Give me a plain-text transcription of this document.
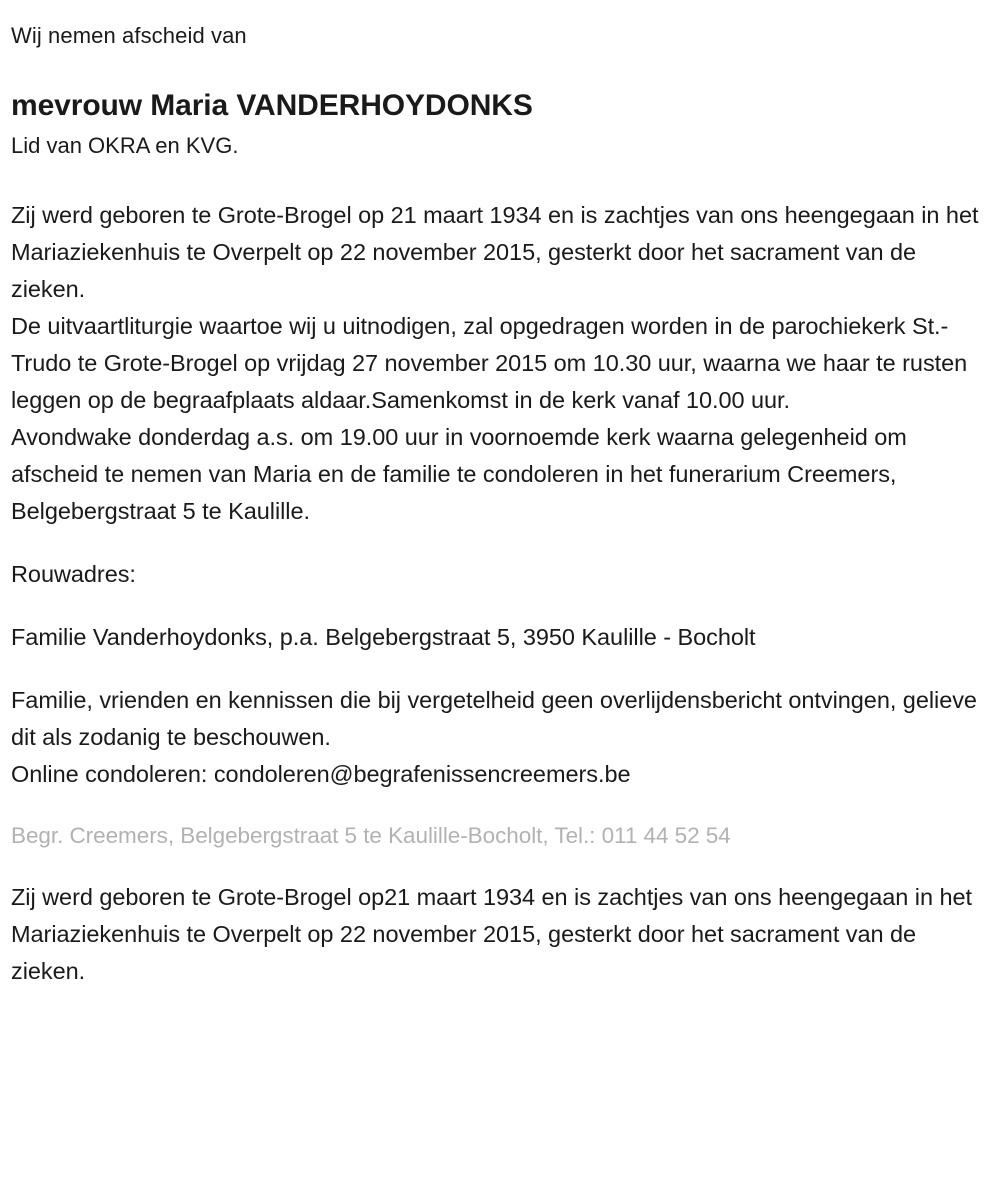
Wij nemen afscheid van

mevrouw Maria VANDERHOYDONKS

Lid van OKRA en KVG.

Zij werd geboren te Grote-Brogel op 21 maart 1934 en is zachtjes van ons heengegaan in het Mariaziekenhuis te Overpelt op 22 november 2015, gesterkt door het sacrament van de zieken.

De uitvaartliturgie waartoe wij u uitnodigen, zal opgedragen worden in de parochiekerk St.-Trudo te Grote-Brogel op vrijdag 27 november 2015 om 10.30 uur, waarna we haar te rusten leggen op de begraafplaats aldaar.Samenkomst in de kerk vanaf 10.00 uur.

Avondwake donderdag a.s. om 19.00 uur in voornoemde kerk waarna gelegenheid om afscheid te nemen van Maria en de familie te condoleren in het funerarium Creemers, Belgebergstraat 5 te Kaulille.

Rouwadres:

Familie Vanderhoydonks, p.a. Belgebergstraat 5, 3950 Kaulille - Bocholt

Familie, vrienden en kennissen die bij vergetelheid geen overlijdensbericht ontvingen, gelieve dit als zodanig te beschouwen.

Online condoleren: condoleren@begrafenissencreemers.be

Begr. Creemers, Belgebergstraat 5 te Kaulille-Bocholt, Tel.: 011 44 52 54

Zij werd geboren te Grote-Brogel op21 maart 1934 en is zachtjes van ons heengegaan in het Mariaziekenhuis te Overpelt op 22 november 2015, gesterkt door het sacrament van de zieken.
